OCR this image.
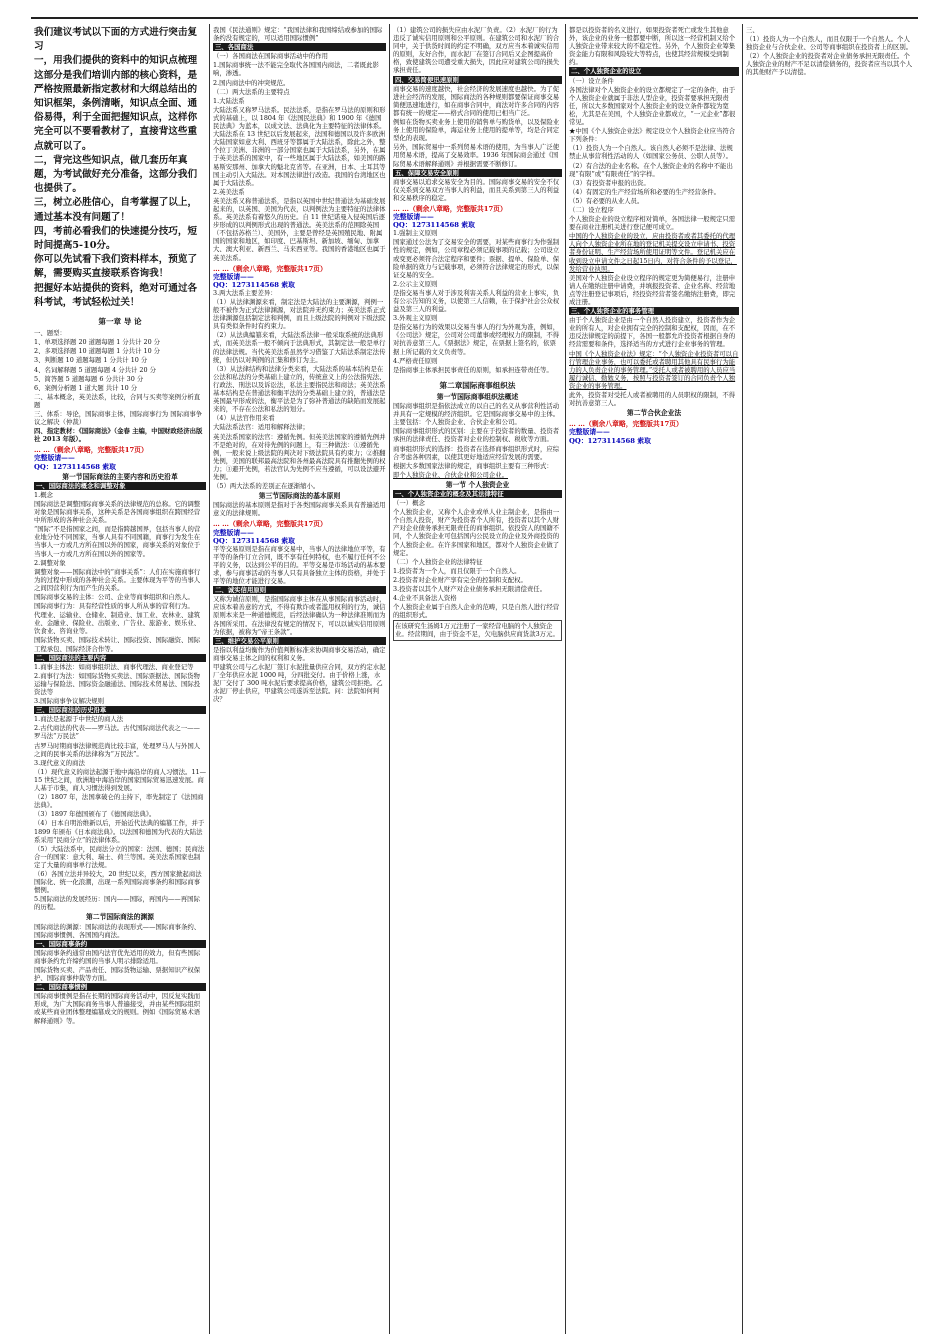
我们建议考试以下面的方式进行突击复习

一，用我们提供的资料中的知识点梳理这部分是我们培训内部的核心资料，是严格按照最新指定教材和大纲总结出的知识框架，条例清晰，知识点全面、通俗易得，利于全面把握知识点，这样你完全可以不要看教材了，直接背这些重点就可以了。

二，背完这些知识点，做几套历年真题，为考试做好充分准备，这部分我们也提供了。

三，树立必胜信心，自考掌握了以上，通过基本没有问题了！

四，考前必看我们的快速提分技巧，短时间提高5-10分。

你可以先试看下我们资料样本，预览了解，需要购买直接联系咨询我！

把握好本站提供的资料，绝对可通过各科考试，考试轻松过关！

第一章 导 论

一、题型：

1、单项选择题 20 道题每题 1 分共计 20 分

2、多项选择题 10 道题每题 1 分共计 10 分

3、判断题 10 道题每题 1 分共计 10 分

4、名词解释题 5 道题每题 4 分共计 20 分

5、简答题 5 道题每题 6 分共计 30 分

6、案例分析题 1 道大题 共计 10 分

二、基本概念，英美法系，比较，合同与买卖等案例分析直题

三、体系：导论，国际商事主体，国际商事行为 国际商事争议之解决（仲裁）

四、指定教材：《国际商法》（金春 主编，中国财政经济出版社 2013 年版）。

… …（剩余八章略，完整版共17页）
完整版请——
QQ：1273114568 索取
第一节国际商法的主要内容和历史沿革
一、国际商法的概念和调整对象

1.概念

国际商法是调整国际商事关系的法律规范的总称。它的调整对象是国际商事关系，这种关系是各国商事组织在跨国经营中所形成的各种社会关系。

“国际”不是指国家之间，而是指跨越国界，包括当事人的营业地分处不同国家，当事人具有不同国籍，商事行为发生在当事人一方或几方所在国以外的国家，商事关系的对象位于当事人一方或几方所在国以外的国家等。

2.调整对象

调整对象——国际商法中的“商事关系”：人们在实施商事行为的过程中形成的各种社会关系。主要体现为平等的当事人之间因营利行为而产生的关系。

国际商事交易的主体：公司、企业等商事组织和自然人。

国际商事行为：具有经营性质的事人所从事的营利行为。

代理业、运输业、仓储业、制造业、加工业、农林业、建筑业、金融业、保险业、出版业、广告业、旅游业、娱乐业、饮食业、咨询业等。

国际货物买卖、国际技术转让、国际投资、国际融资、国际工程承包、国际经济合作等。

二、国际商法的主要内容

1.商事主体法：如商事组织法、商事代理法、商业登记等

2.商事行为法：如国际货物买卖法、国际票据法、国际货物运输与保险法、国际资金融通法、国际技术贸易法、国际投资法等

3.国际商事争议解决规则

三、国际商法的历史沿革

1.商法是起源于中世纪的商人法

2.古代商法的代表——罗马法。古代国际商法代表之一——罗马法“万民法”

古罗马时期商事法律规范尚比较丰富，处理罗马人与外国人之间的民事关系的法律称为“万民法”。

3.现代意义的商法

（1）现代意义的商法起源于地中海沿岸的商人习惯法。11—15 世纪之间，欧洲地中海沿岸的国家国际贸易迅速发展。商人基于市集，商人习惯法得到发展。

（2）1807 年，法国拿破仑的主持下，率先制定了《法国商法典》。

（3）1897 年德国颁布了《德国商法典》。

（4）日本自明治维新以后，开始近代法典的编纂工作，并于 1899 年颁布《日本商法典》。以法国和德国为代表的大陆法系采用“民商分立”的法律体系。

（5）大陆法系中，民商法分立的国家：法国、德国；民商法合一的国家：意大利、瑞士、荷兰等国。英美法系国家也制定了大量的商事单行法规。

（6）各国立法并异较大，20 世纪以来，西方国家掀起商法国际化、统一化浪潮，出现一系列国际商事条约和国际商事惯例。

5.国际商法的发展经历：国内——国际，再国内——再国际的历程。

第二节国际商法的渊源

国际商法的渊源：国际商法的表现形式——国际商事条约、国际商事惯例、各国国内商法。

一、国际商事条约

国际商事条约通常由国内法官优先适用的效力，但有些国际商事条约允许缔约国的当事人明示排除适用。

国际货物买卖、产品责任、国际货物运输、票据知识产权保护、国际商事仲裁等方面。

二、国际商事惯例

国际商事惯例是指在长期的国际商务活动中，因反复实践而形成，为广大国际商务当事人普遍接受，并由某些国际组织或某些商业团体整理编纂成文的规则。例如《国际贸易术语解释通则》等。

我国《民法通则》规定：“我国法律和我国缔结或参加的国际条约没有规定的，可以适用国际惯例”

三、各国商法

（一）各国商法在国际商事活动中的作用

1.国际商事统一法不能完全取代各国国内商法，二者既此影响，渗透。

2.国内商法中的冲突规范。

（二）两大法系的主要特点

1.大陆法系

大陆法系又称罗马法系。民法法系，是指在罗马法的原则和形式的基础上，以 1804 年《法国民法典》和 1900 年《德国民法典》为蓝本，以成文法、法典化为主要特征的法律体系。大陆法系在 13 世纪以后发展起来，法国和德国以及许多欧洲大陆国家如意大利、西班牙等都属于大陆法系，除此之外，整个拉丁美洲、非洲的一部分国家也属于大陆法系，另外，在属于英美法系的国家中，有一些地区属于大陆法系，如美国的路易斯安那州、加拿大的魁北克省等。在亚洲，日本、土耳其等国主动引入大陆法。对本国法律进行改造。我国的台湾地区也属于大陆法系。

2.英美法系

英美法系又称普通法系，是指以英国中世纪普通法为基础发展起来的，以英国、美国为代表，以判例法为主要特征的法律体系。英美法系有着悠久的历史。自 11 世纪诺曼入侵英国后逐步形成的以判例形式出现的普通法。英美法系的范围除英国（不包括苏格兰）、美国外，主要是曾经是英国殖民地、附属国的国家和地区，如印度、巴基斯坦、新加坡、缅甸、加拿大、澳大利亚、新西兰、马来西亚等。我国的香港地区也属于英美法系。

… …（剩余八章略，完整版共17页）
完整版请——
QQ：1273114568 索取

3.两大法系主要差异：

（1）从法律渊源来看，制定法是大陆法的主要渊源，判例一般不被作为正式法律渊源，对法院并无约束力；英美法系正式法律渊源包括制定法和判例，而且上级法院的判例对下级法院具有类似条件时有约束力。

（2）从法典编纂来看，大陆法系法律一般采取系统的法典形式，而英美法系一般不倾向于法典形式，其制定法一般是单行的法律法规。当代英美法系虽然学习借鉴了大陆法系制定法传统，但仍以对判例的汇集和修订为主。

（3）从法律结构和法律分类来看，大陆法系的基本结构是在公法和私法的分类基础上建立的，传统意义上的公法指宪法、行政法、刑法以及诉讼法，私法主要指民法和商法；英美法系基本结构是在普通法和衡平法的分类基础上建立的，普通法是英国最早形成的法，衡平法是为了弥补普通法的缺陷而发展起来的，不存在公法和私法的划分。

（4）从法官作用来看

大陆法系法官：适用和解释法律；

英美法系国家的法官：遵循先例。但英美法国家的遵循先例并不是绝对的，在对待先例的问题上，有三种做法：①遵循先例，一般来说上级法院的判决对下级法院具有约束力；②推翻先例，美国的联邦最高法院和各州最高法院具有推翻先例的权力；③避开先例，若法官认为先例不应当遵循，可以设法避开先例。

（5）两大法系的差别正在逐渐缩小。

第三节国际商法的基本原则

国际商法的基本原则是指对于各类国际商事关系具有普遍适用意义的法律规则。

… …（剩余八章略，完整版共17页）
完整版请——
QQ：1273114568 索取

平等交易原则是指在商事交易中，当事人的法律地位平等，有平等的条件订立合同，既不享有任何特权，也不履行任何不公平的义务，以达到公平的目的。平等交易是市场活动的基本要求，参与商事活动的当事人只有具备独立主体的资格，并处于平等的地位才能进行交易。

二、诚实信用原则

又称为诚信原则，是指国际商事主体在从事国际商事活动时，应该本着善意的方式，不得有欺诈或者滥用权利的行为，诚信原则本来是一种道德规范，后经法律确认为一种法律准则而为各国所采用。在法律没有规定的情况下，可以以诚实信用原则为依据，被称为“帝王条款”。

三、维护交易公平原则

是指以利益均衡作为价值判断标准来协调商事交易活动，确定商事交易主体之间的权利和义务。

甲建筑公司与乙水泥厂签订水泥批量供应合同，双方约定水泥厂全年供应水泥 1000 吨，分四批交付。由于价格上涨，水泥厂交付了 300 吨水泥后要求提高价格，建筑公司拒绝。乙水泥厂停止供应，甲建筑公司遂诉至法院。问：法院如何判决？

（1）建筑公司的损失应由水泥厂负责。（2）水泥厂的行为违反了诚实信用原则和公平原则。在建筑公司和水泥厂的合同中，关于供货时间的约定不明确，双方应当本着诚实信用的原则，友好合作，而水泥厂在签订合同后又企图提高价格，致使建筑公司遭受重大损失，因此应对建筑公司的损失承担责任。

四、交易简便迅速原则

商事交易的速度越快，社会经济的发展速度也越快。为了促进社会经济的发展，国际商法的各种规则都要保证商事交易简便迅速地进行，如在商事合同中，商法对许多合同的内容都有统一的规定——格式合同的使用已相当广泛。

例如在货物买卖业务上使用的销售单与购货单，以及保险业务上使用的保险单，海运业务上使用的提单等，均是合同定型化的表现。

另外，国际贸易中一系列贸易术语的使用，为当事人广泛使用贸易术语，提高了交易效率。1936 年国际商会通过《国际贸易术语解释通则》并根据需要不断修订。

五、保障交易安全原则

商事交易以追求交易安全为目的。国际商事交易的安全不仅仅关系到交易双方当事人的利益，而且关系到第三人的利益和交易秩序的稳定。

… …（剩余八章略，完整版共17页）
完整版请——
QQ：1273114568 索取

1.强制主义原则

国家通过公法为了交易安全的需要，对某些商事行为作强制性的规定，例如，公司章程必须记载事项的记载；公司设立或变更必须符合法定程序和要件；票据、提单、保险单、保险单据的效力与记载事项，必须符合法律规定的形式，以保证交易的安全。

2.公示主义原则

是指交易当事人对于涉及利害关系人利益的营业上事实，负有公示告知的义务，以使第三人信赖，在于保护社会公众权益及第三人的利益。

3.外观主义原则

是指交易行为的效果以交易当事人的行为外观为准，例如，《公司法》规定，公司对公司董事或经理权力的限制，不得对抗善意第三人。《票据法》规定，在票据上签名的，依票据上所记载的文义负责等。

4.严格责任原则

是指商事主体承担民事责任的原则，如承担连带责任等。

第二章国际商事组织法
第一节国际商事组织法概述

国际商事组织是指依法成立的以自己的名义从事营利性活动并具有一定规模的经济组织。它是国际商事交易中的主体。主要包括：个人独资企业、合伙企业和公司。

国际商事组织形式的区别：主要在于投资者的数量、投资者承担的法律责任、投资者对企业的控制权、税收等方面。

商事组织形式的选择：投资者在选择商事组织形式时，应综合考虑各种因素，以使其更好地适应经营发展的需要。

根据大多数国家法律的规定，商事组织主要有三种形式：

即个人独资企业、合伙企业和公司企业。

第一节 个人独资企业
一、个人独资企业的概念及其法律特征

（一）概念

个人独资企业，又称个人企业或单人业主制企业，是指由一个自然人投资，财产为投资者个人所有，投资者以其个人财产对企业债务承担无限责任的商事组织。依投资人的国籍不同，个人独资企业可包括国内公民设立的企业及外商投资的个人独资企业。在许多国家和地区，都对个人独资企业做了规定。

（二）个人独资企业的法律特征

1.投资者为一个人，而且仅限于一个自然人。

2.投资者对企业财产享有完全的控制和支配权。

3.投资者以其个人财产对企业债务承担无限清偿责任。

4.企业不具备法人资格

个人独资企业属于自然人企业的范畴，只是自然人进行经营的组织形式。

在该研究生汤姆1万元注册了一家经营电脑的个人独资企业。经营期间，由于资金不足，欠电脑供应商货款3万元。

都是以投资者的名义进行，如果投资者死亡或发生其他意外，该企业的业务一般都要中断，所以这一经营机制又给个人独资企业带来较大的不稳定性。另外，个人独资企业筹集资金能力有限和风险较大等特点，也使其经营规模受到制约。

二、个人独资企业的设立

（一）设立条件

各国法律对个人独资企业的设立都规定了一定的条件，由于个人独资企业就属于非法人型企业，投资者要承担无限责任，所以大多数国家对个人独资企业的设立条件都较为宽松，尤其是在美国，个人独资企业都成立，“一元企业”都很常见。

★中国《个人独资企业法》规定设立个人独资企业应当符合下列条件：

（1）投资人为一个自然人。该自然人必须不是法律、法规禁止从事营利性活动的人（如国家公务员、公职人员等）。

（2）有合法的企业名称。在个人独资企业的名称中不能出现“有限”或“有限责任”的字样。

（3）有投资者申报的出资。

（4）有固定的生产经营场所和必要的生产经营条件。

（5）有必要的从业人员。

（二）设立程序

个人独资企业的设立程序相对简单，各国法律一般规定只需要在商业注册机关进行登记便可成立。

中国的个人独资企业的设立，应由投资者或者其委托的代理人向个人独资企业所在地的登记机关提交设立申请书、投资者身份证明、生产经营场所使用证明等文件。登记机关应在收到设立申请文件之日起15日内，对符合条件的予以登记，发给营业执照。

美国对个人独资企业设立程序的规定更为简便易行，注册申请人在缴纳注册申请费，并填报投资者、企业名称、经营地点等注册登记事项后，经投资经营者签名缴纳注册费，即完成注册。

三、个人独资企业的事务管理

由于个人独资企业是由一个自然人投资建立，投资者作为企业的所有人，对企业拥有完全的控制和支配权，因而，在不违反法律规定的前提下，各国一般都允许投资者根据自身的经营需要和条件，选择适当的方式进行企业事务的管理。

中国《个人独资企业法》规定：“个人独资企业投资者可以自行管理企业事务，也可以委托或者聘用其他具有民事行为能力的人负责企业的事务管理。”受托人或者被聘用的人员应当履行诚信、勤勉义务，按照与投资者签订的合同负责个人独资企业的事务管理。

此外，投资者对受托人或者被聘用的人员职权的限制，不得对抗善意第三人。

第二节合伙企业法
… …（剩余八章略，完整版共17页）
完整版请——
QQ：1273114568 索取

三、

（1）投资人为一个自然人，而且仅限于一个自然人。个人独资企业与合伙企业、公司等商事组织在投资者上的区别。

（2）个人独资企业的投资者对企业债务承担无限责任。个人独资企业的财产不足以清偿债务的，投资者应当以其个人的其他财产予以清偿。
